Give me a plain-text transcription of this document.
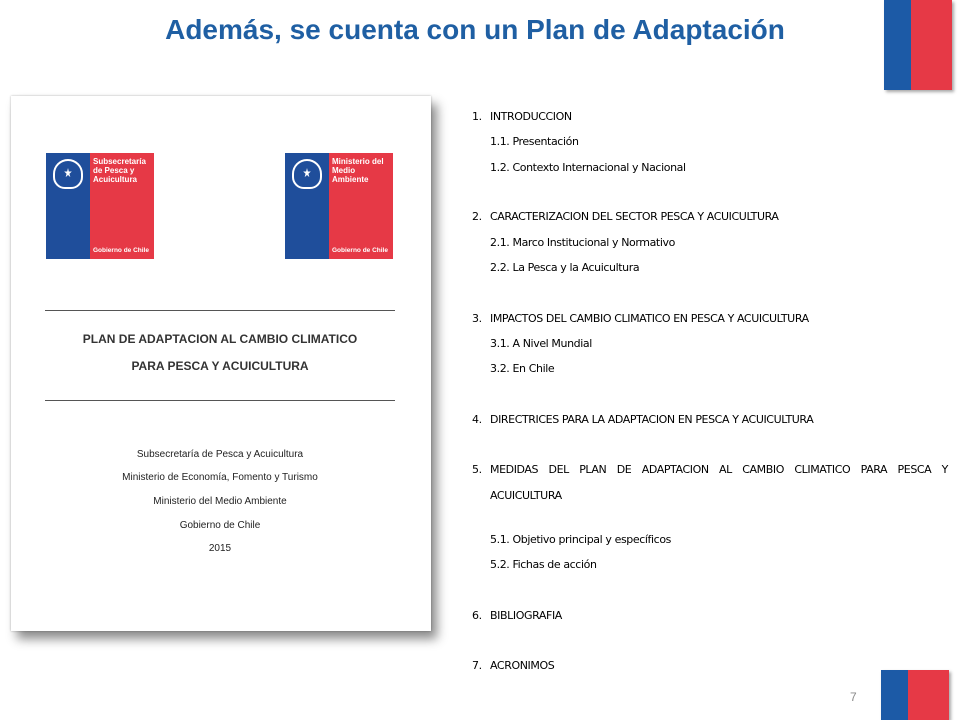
Además, se cuenta con un Plan de Adaptación
Subsecretaría
de Pesca y
Acuicultura
Gobierno de Chile
Ministerio del
Medio
Ambiente
Gobierno de Chile
PLAN DE ADAPTACION AL CAMBIO CLIMATICO
PARA PESCA Y ACUICULTURA
Subsecretaría de Pesca y Acuicultura
Ministerio de Economía, Fomento y Turismo
Ministerio del Medio Ambiente
Gobierno de Chile
2015
1. INTRODUCCION
1.1. Presentación
1.2. Contexto Internacional y Nacional
2. CARACTERIZACION DEL SECTOR PESCA Y ACUICULTURA
2.1. Marco Institucional y Normativo
2.2. La Pesca y la Acuicultura
3. IMPACTOS DEL CAMBIO CLIMATICO EN PESCA Y ACUICULTURA
3.1. A Nivel Mundial
3.2. En Chile
4. DIRECTRICES PARA LA ADAPTACION EN PESCA Y ACUICULTURA
5. MEDIDAS DEL PLAN DE ADAPTACION AL CAMBIO CLIMATICO PARA PESCA Y
ACUICULTURA
5.1. Objetivo principal y específicos
5.2. Fichas de acción
6. BIBLIOGRAFIA
7. ACRONIMOS
7
